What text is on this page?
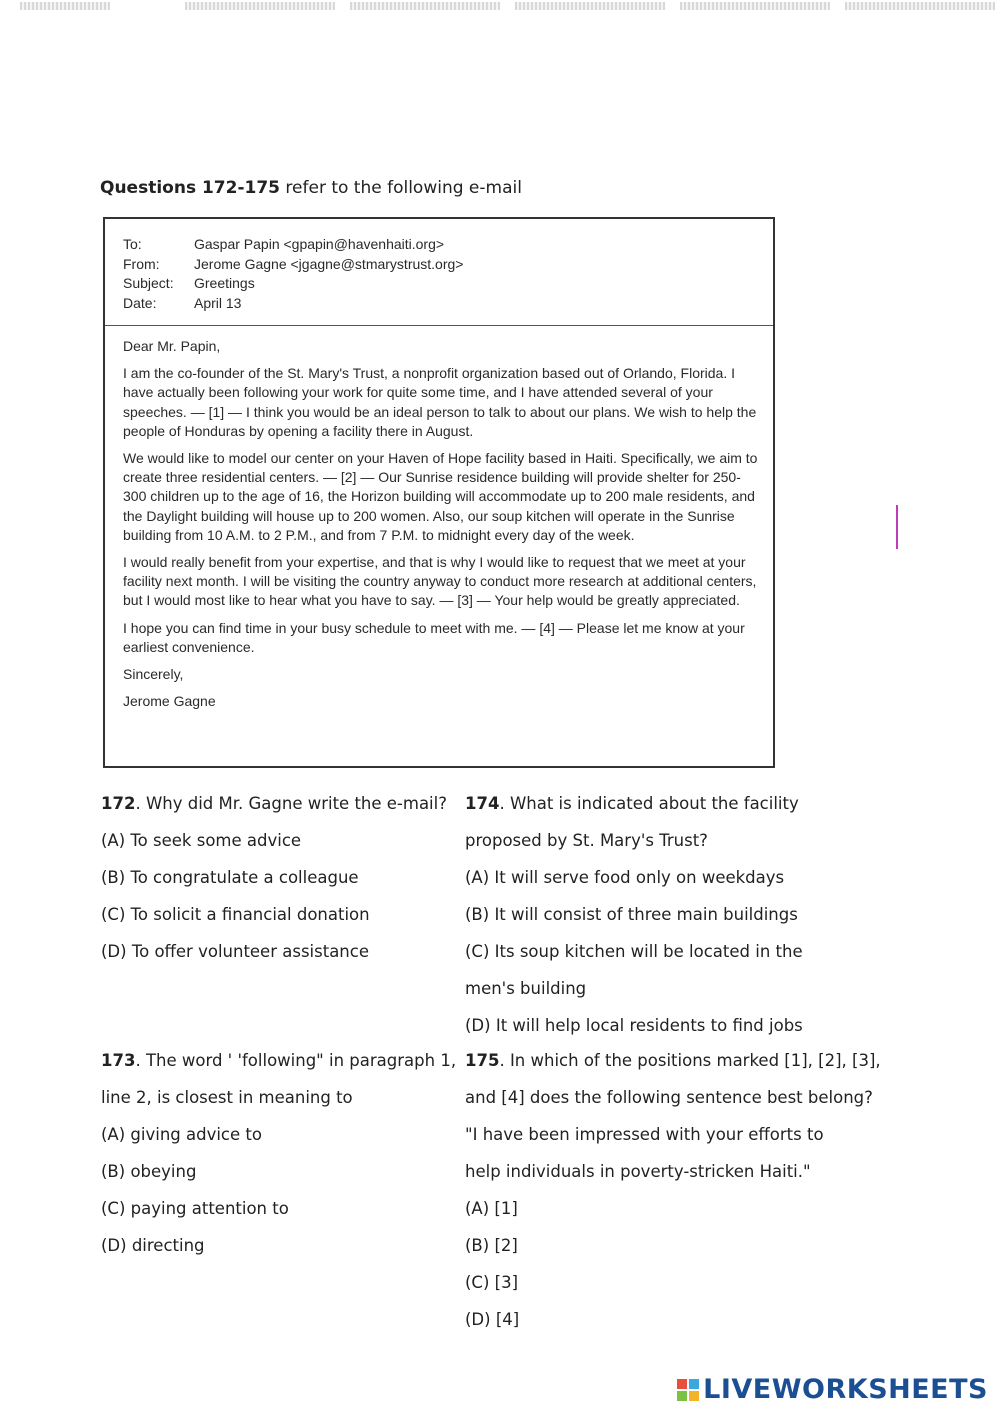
Questions 172-175 refer to the following e-mail
To:	Gaspar Papin <gpapin@havenhaiti.org>
From:	Jerome Gagne <jgagne@stmarystrust.org>
Subject:	Greetings
Date:	April 13

Dear Mr. Papin,

I am the co-founder of the St. Mary's Trust, a nonprofit organization based out of Orlando, Florida. I have actually been following your work for quite some time, and I have attended several of your speeches. — [1] — I think you would be an ideal person to talk to about our plans. We wish to help the people of Honduras by opening a facility there in August.

We would like to model our center on your Haven of Hope facility based in Haiti. Specifically, we aim to create three residential centers. — [2] — Our Sunrise residence building will provide shelter for 250-300 children up to the age of 16, the Horizon building will accommodate up to 200 male residents, and the Daylight building will house up to 200 women. Also, our soup kitchen will operate in the Sunrise building from 10 A.M. to 2 P.M., and from 7 P.M. to midnight every day of the week.

I would really benefit from your expertise, and that is why I would like to request that we meet at your facility next month. I will be visiting the country anyway to conduct more research at additional centers, but I would most like to hear what you have to say. — [3] — Your help would be greatly appreciated.

I hope you can find time in your busy schedule to meet with me. — [4] — Please let me know at your earliest convenience.

Sincerely,

Jerome Gagne

172. Why did Mr. Gagne write the e-mail?
(A) To seek some advice
(B) To congratulate a colleague
(C) To solicit a financial donation
(D) To offer volunteer assistance
173. The word ' 'following" in paragraph 1,
line 2, is closest in meaning to
(A) giving advice to
(B) obeying
(C) paying attention to
(D) directing
174. What is indicated about the facility
proposed by St. Mary's Trust?
(A) It will serve food only on weekdays
(B) It will consist of three main buildings
(C) Its soup kitchen will be located in the
men's building
(D) It will help local residents to find jobs
175. In which of the positions marked [1], [2], [3],
and [4] does the following sentence best belong?
"I have been impressed with your efforts to
help individuals in poverty-stricken Haiti."
(A) [1]
(B) [2]
(C) [3]
(D) [4]
LIVEWORKSHEETS
